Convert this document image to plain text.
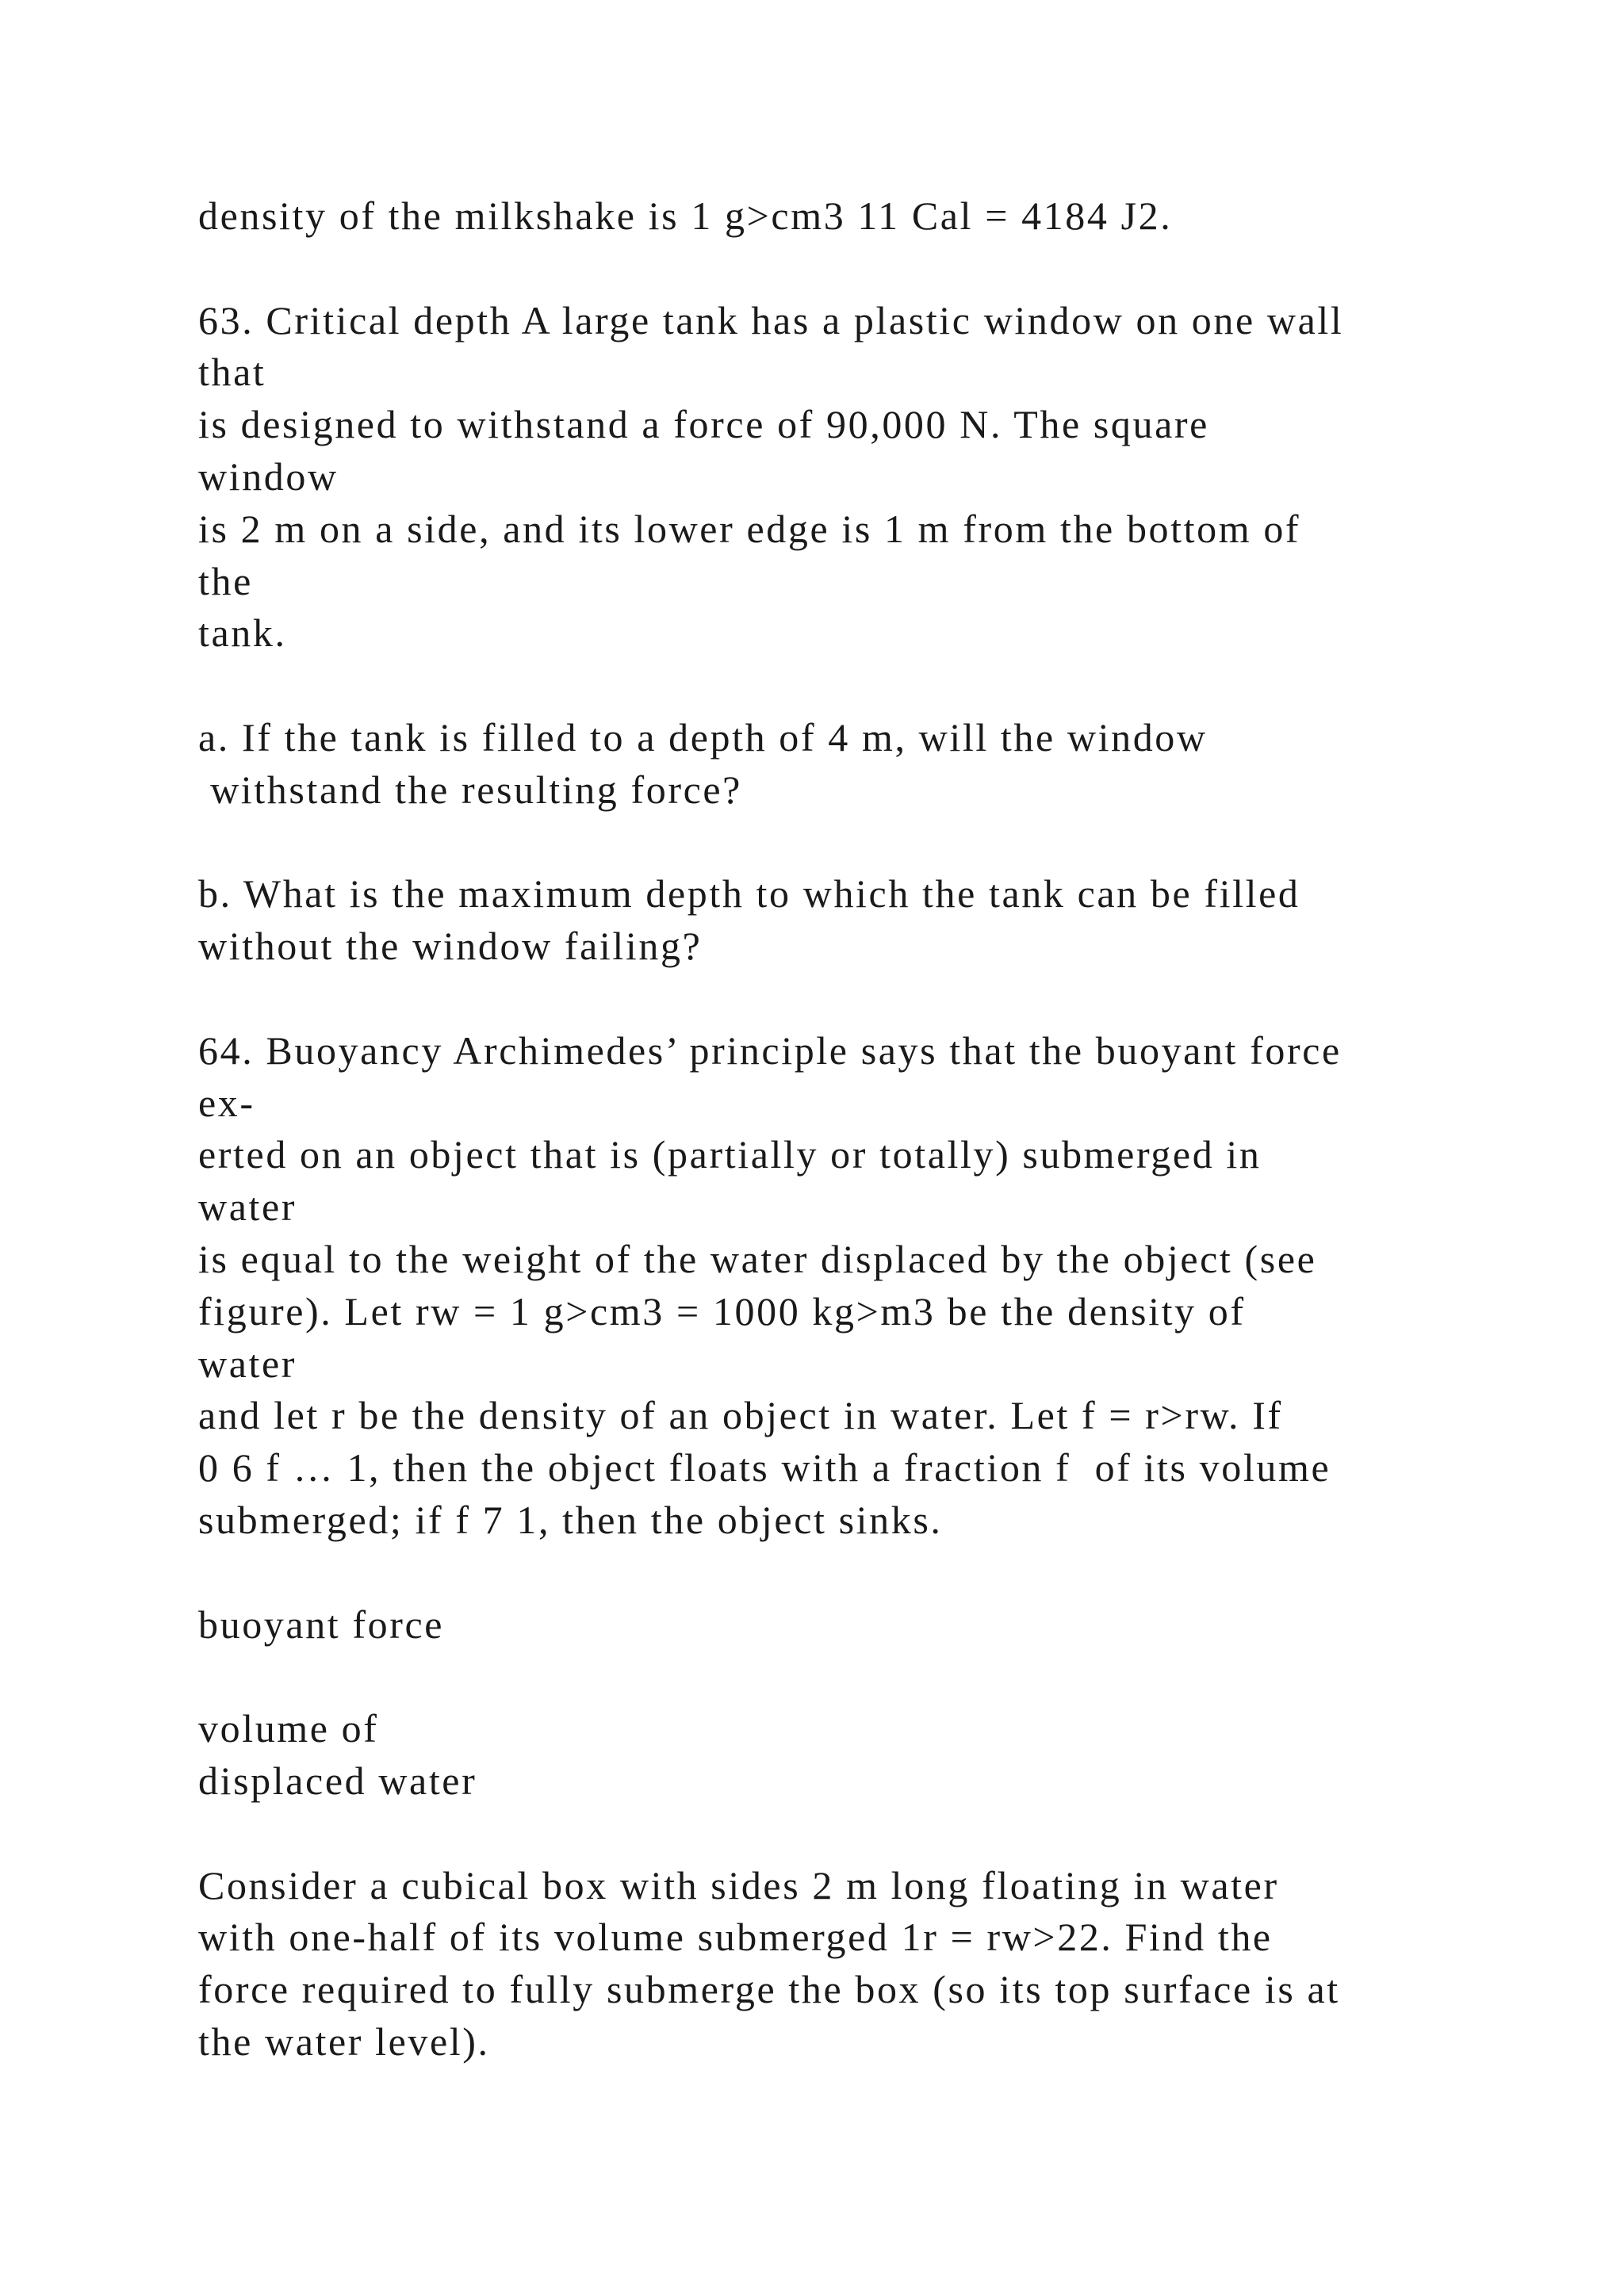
density of the milkshake is 1 g>cm3 11 Cal = 4184 J2.
63. Critical depth A large tank has a plastic window on one wall
that
is designed to withstand a force of 90,000 N. The square
window
is 2 m on a side, and its lower edge is 1 m from the bottom of
the
tank.
a. If the tank is filled to a depth of 4 m, will the window
withstand the resulting force?
b. What is the maximum depth to which the tank can be filled
without the window failing?
64. Buoyancy Archimedes’ principle says that the buoyant force
ex-
erted on an object that is (partially or totally) submerged in
water
is equal to the weight of the water displaced by the object (see
figure). Let rw = 1 g>cm3 = 1000 kg>m3 be the density of
water
and let r be the density of an object in water. Let f = r>rw. If
0 6 f … 1, then the object floats with a fraction f  of its volume
submerged; if f 7 1, then the object sinks.
buoyant force
volume of
displaced water
Consider a cubical box with sides 2 m long floating in water
with one-half of its volume submerged 1r = rw>22. Find the
force required to fully submerge the box (so its top surface is at
the water level).
